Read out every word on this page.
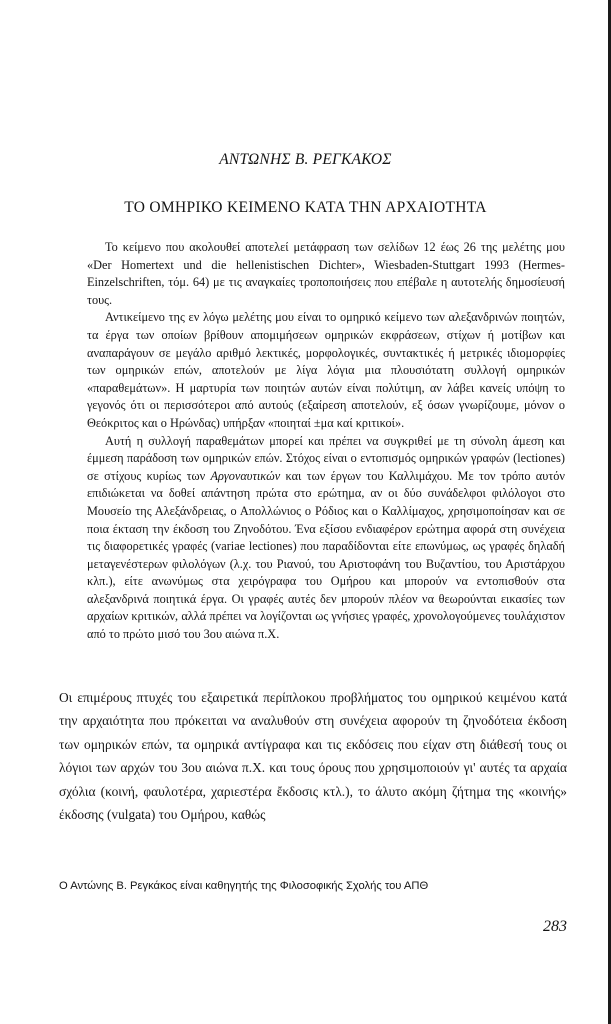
ΑΝΤΩΝΗΣ Β. ΡΕΓΚΑΚΟΣ
ΤΟ ΟΜΗΡΙΚΟ ΚΕΙΜΕΝΟ ΚΑΤΑ ΤΗΝ ΑΡΧΑΙΟΤΗΤΑ

Το κείμενο που ακολουθεί αποτελεί μετάφραση των σελίδων 12 έως 26 της μελέτης μου «Der Homertext und die hellenistischen Dichter», Wiesbaden-Stuttgart 1993 (Hermes-Einzelschriften, τόμ. 64) με τις αναγκαίες τροποποιήσεις που επέβαλε η αυτοτελής δημοσίευσή τους.

Αντικείμενο της εν λόγω μελέτης μου είναι το ομηρικό κείμενο των αλεξανδρινών ποιητών, τα έργα των οποίων βρίθουν απομιμήσεων ομηρικών εκφράσεων, στίχων ή μοτίβων και αναπαράγουν σε μεγάλο αριθμό λεκτικές, μορφολογικές, συντακτικές ή μετρικές ιδιομορφίες των ομηρικών επών, αποτελούν με λίγα λόγια μια πλουσιότατη συλλογή ομηρικών «παραθεμάτων». Η μαρτυρία των ποιητών αυτών είναι πολύτιμη, αν λάβει κανείς υπόψη το γεγονός ότι οι περισσότεροι από αυτούς (εξαίρεση αποτελούν, εξ όσων γνωρίζουμε, μόνον ο Θεόκριτος και ο Ηρώνδας) υπήρξαν «ποιηταί ±μα καί κριτικοί».

Αυτή η συλλογή παραθεμάτων μπορεί και πρέπει να συγκριθεί με τη σύνολη άμεση και έμμεση παράδοση των ομηρικών επών. Στόχος είναι ο εντοπισμός ομηρικών γραφών (lectiones) σε στίχους κυρίως των Αργοναυτικών και των έργων του Καλλιμάχου. Με τον τρόπο αυτόν επιδιώκεται να δοθεί απάντηση πρώτα στο ερώτημα, αν οι δύο συνάδελφοι φιλόλογοι στο Μουσείο της Αλεξάνδρειας, ο Απολλώνιος ο Ρόδιος και ο Καλλίμαχος, χρησιμοποίησαν και σε ποια έκταση την έκδοση του Ζηνοδότου. Ένα εξίσου ενδιαφέρον ερώτημα αφορά στη συνέχεια τις διαφορετικές γραφές (variae lectiones) που παραδίδονται είτε επωνύμως, ως γραφές δηλαδή μεταγενέστερων φιλολόγων (λ.χ. του Ριανού, του Αριστοφάνη του Βυζαντίου, του Αριστάρχου κλπ.), είτε ανωνύμως στα χειρόγραφα του Ομήρου και μπορούν να εντοπισθούν στα αλεξανδρινά ποιητικά έργα. Οι γραφές αυτές δεν μπορούν πλέον να θεωρούνται εικασίες των αρχαίων κριτικών, αλλά πρέπει να λογίζονται ως γνήσιες γραφές, χρονολογούμενες τουλάχιστον από το πρώτο μισό του 3ου αιώνα π.Χ.

Οι επιμέρους πτυχές του εξαιρετικά περίπλοκου προβλήματος του ομηρικού κειμένου κατά την αρχαιότητα που πρόκειται να αναλυθούν στη συνέχεια αφορούν τη ζηνοδότεια έκδοση των ομηρικών επών, τα ομηρικά αντίγραφα και τις εκδόσεις που είχαν στη διάθεσή τους οι λόγιοι των αρχών του 3ου αιώνα π.Χ. και τους όρους που χρησιμοποιούν γι' αυτές τα αρχαία σχόλια (κοινή, φαυλοτέρα, χαριεστέρα ἔκδοσις κτλ.), το άλυτο ακόμη ζήτημα της «κοινής» έκδοσης (vulgata) του Ομήρου, καθώς

Ο Αντώνης Β. Ρεγκάκος είναι καθηγητής της Φιλοσοφικής Σχολής του ΑΠΘ
283
